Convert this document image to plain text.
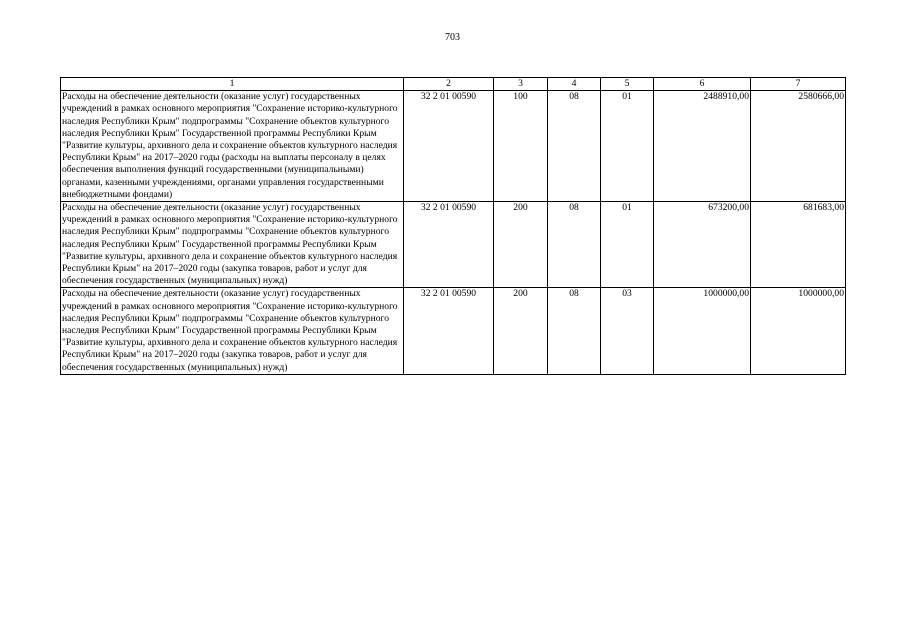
703
1	2	3	4	5	6	7
Расходы на обеспечение деятельности (оказание услуг) государственных учреждений в рамках основного мероприятия "Сохранение историко-культурного наследия Республики Крым" подпрограммы "Сохранение объектов культурного наследия Республики Крым" Государственной программы Республики Крым "Развитие культуры, архивного дела и сохранение объектов культурного наследия Республики Крым" на 2017–2020 годы (расходы на выплаты персоналу в целях обеспечения выполнения функций государственными (муниципальными) органами, казенными учреждениями, органами управления государственными внебюджетными фондами)	32 2 01 00590	100	08	01	2488910,00	2580666,00
Расходы на обеспечение деятельности (оказание услуг) государственных учреждений в рамках основного мероприятия "Сохранение историко-культурного наследия Республики Крым" подпрограммы "Сохранение объектов культурного наследия Республики Крым" Государственной программы Республики Крым "Развитие культуры, архивного дела и сохранение объектов культурного наследия Республики Крым" на 2017–2020 годы (закупка товаров, работ и услуг для обеспечения государственных (муниципальных) нужд)	32 2 01 00590	200	08	01	673200,00	681683,00
Расходы на обеспечение деятельности (оказание услуг) государственных учреждений в рамках основного мероприятия "Сохранение историко-культурного наследия Республики Крым" подпрограммы "Сохранение объектов культурного наследия Республики Крым" Государственной программы Республики Крым "Развитие культуры, архивного дела и сохранение объектов культурного наследия Республики Крым" на 2017–2020 годы (закупка товаров, работ и услуг для обеспечения государственных (муниципальных) нужд)	32 2 01 00590	200	08	03	1000000,00	1000000,00
